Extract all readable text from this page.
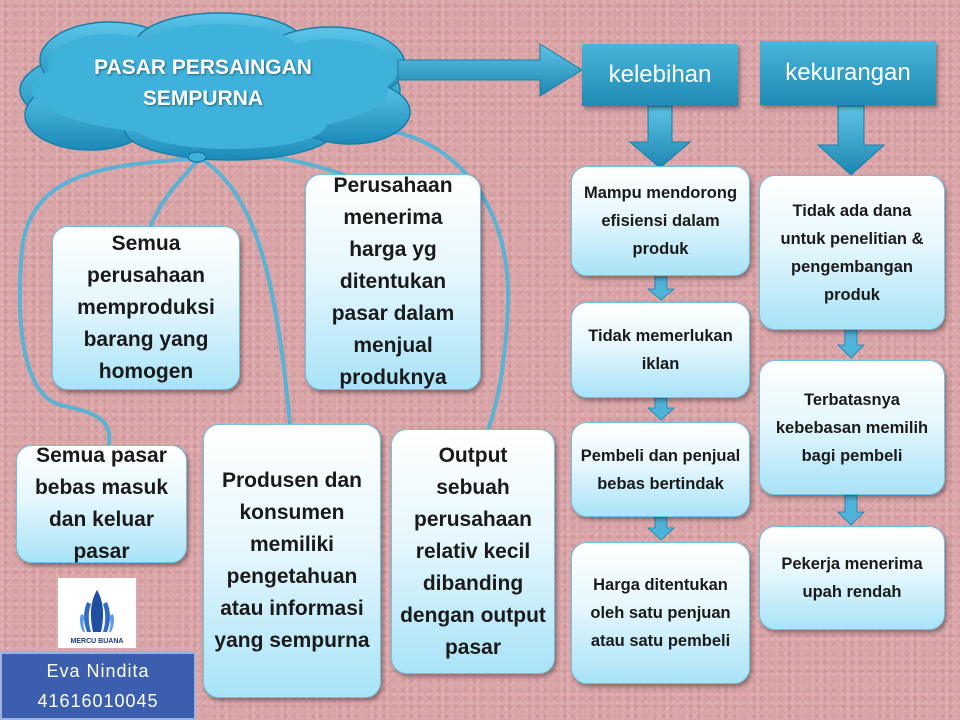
PASAR PERSAINGAN SEMPURNA
kelebihan	kekurangan
Semua perusahaan memproduksi barang yang homogen
Perusahaan menerima harga yg ditentukan pasar dalam menjual produknya
Semua pasar bebas masuk dan keluar pasar
Produsen dan konsumen memiliki pengetahuan atau informasi yang sempurna
Output sebuah perusahaan relativ kecil dibanding dengan output pasar
Mampu mendorong efisiensi dalam produk
Tidak memerlukan iklan
Pembeli dan penjual bebas bertindak
Harga ditentukan oleh satu penjuan atau satu pembeli
Tidak ada dana untuk penelitian & pengembangan produk
Terbatasnya kebebasan memilih bagi pembeli
Pekerja menerima upah rendah
MERCU BUANA
Eva Nindita
41616010045
